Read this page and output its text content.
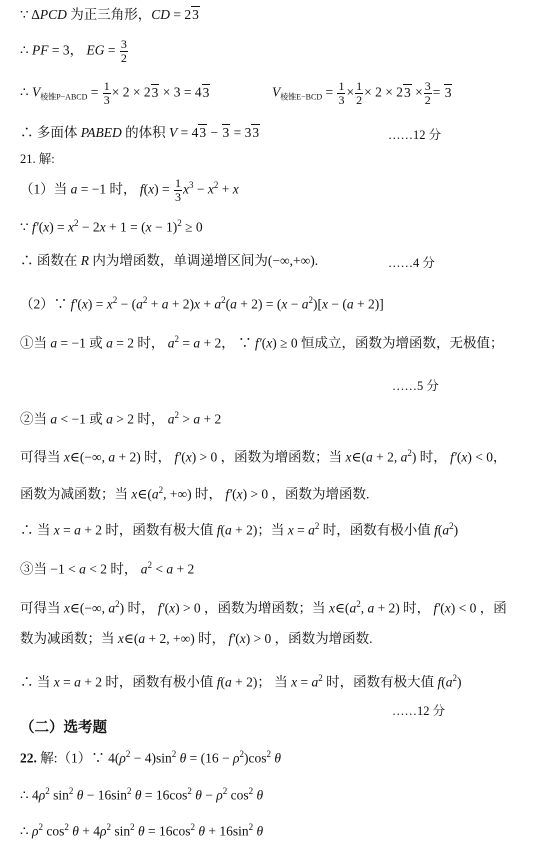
∵ ΔPCD 为正三角形，CD = 23
∴ PF = 3， EG = $\frac{3}{2}$
∴ $V_{棱锥P-ABCD} = \frac{1}{3} \times 2 \times 23 \times 3 = 43$	$V_{棱锥E-BCD} = \frac{1}{3} \times \frac{1}{2} \times 2 \times 23 \times \frac{3}{2} = 3$
∴ 多面体 PABED 的体积 V = 43 − 3 = 33	……12 分
21. 解:
（1）当 a = −1 时， $f(x) = \frac{1}{3} x^3 - x^2 + x$
∵ $f'(x) = x^2 - 2x + 1 = (x - 1)^2 \ge 0$
∴ 函数在 R 内为增函数，单调递增区间为(−∞,+∞).	……4 分
（2）∵ $f'(x) = x^2 - (a^2 + a + 2)x + a^2(a + 2) = (x - a^2)[x - (a + 2)]$
①当 a = −1 或 a = 2 时， $a^2 = a + 2$， ∵ f′(x) ≥ 0 恒成立，函数为增函数，无极值；
……5 分
②当 a < −1 或 a > 2 时， $a^2 > a + 2$
可得当 x∈(−∞, a + 2) 时， f′(x) > 0 ，函数为增函数；当 x∈(a + 2, $a^2$) 时， f′(x) < 0，
函数为减函数；当 $x\in(a^2$, +∞) 时， f′(x) > 0 ，函数为增函数.
∴ 当 x = a + 2 时，函数有极大值 f(a + 2)；当 $x = a^2$ 时，函数有极小值 $f(a^2)$
③当 −1 < a < 2 时， $a^2 < a + 2$
可得当 x∈(−∞, $a^2$) 时， f′(x) > 0 ，函数为增函数；当 $x\in(a^2$, a + 2) 时， f′(x) < 0 ，函
数为减函数；当 x∈(a + 2, +∞) 时， f′(x) > 0 ，函数为增函数.
∴ 当 x = a + 2 时，函数有极小值 f(a + 2)； 当 $x = a^2$ 时，函数有极大值 $f(a^2)$
……12 分
（二）选考题
22. 解:（1）∵ $4(\rho^2 - 4)\sin^2$ $\theta = (16 - \rho^2)\cos^2$ θ
∴ $4\rho^2$ $\sin^2 \theta - 16\sin^2$ $\theta = 16\cos^2$ $\theta - \rho^2$ $\cos^2 \theta$
∴ $\rho^2$ $\cos^2 \theta + 4\rho^2$ $\sin^2 \theta = 16\cos^2$ $\theta + 16\sin^2$ θ
